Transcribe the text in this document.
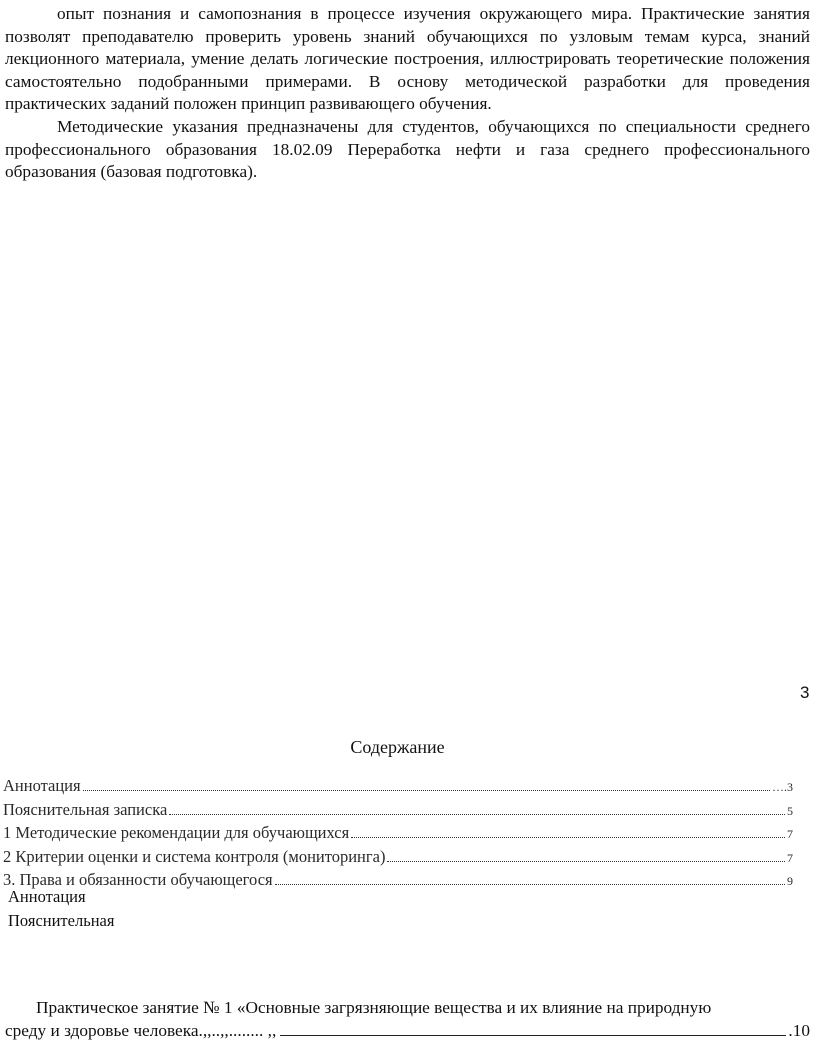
опыт познания и самопознания в процессе изучения окружающего мира. Практические занятия позволят преподавателю проверить уровень знаний обучающихся по узловым темам курса, знаний лекционного материала, умение делать логические построения, иллюстрировать теоретические положения самостоятельно подобранными примерами. В основу методической разработки для проведения практических заданий положен принцип развивающего обучения.

Методические указания предназначены для студентов, обучающихся по специальности среднего профессионального образования 18.02.09 Переработка нефти и газа среднего профессионального образования (базовая подготовка).

3
Содержание
Аннотация	….3
Пояснительная записка	5
1 Методические рекомендации для обучающихся	7
2 Критерии оценки и система контроля (мониторинга)	7
3. Права и обязанности обучающегося	9
Аннотация
Пояснительная

Практическое занятие № 1 «Основные загрязняющие вещества и их влияние на природную

среду и здоровье человека.,,..,,........ ,,	.10
